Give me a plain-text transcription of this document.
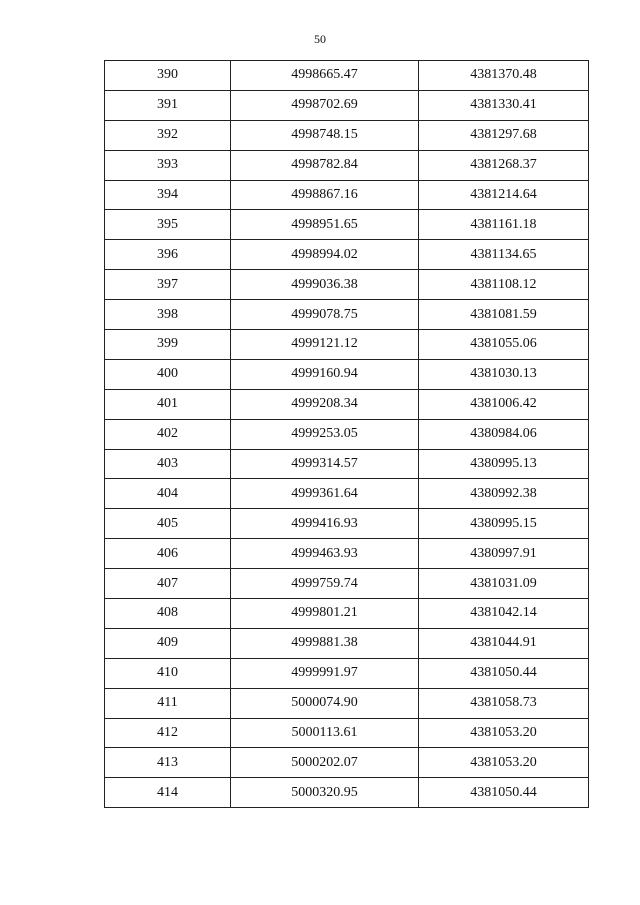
50
390	4998665.47	4381370.48
391	4998702.69	4381330.41
392	4998748.15	4381297.68
393	4998782.84	4381268.37
394	4998867.16	4381214.64
395	4998951.65	4381161.18
396	4998994.02	4381134.65
397	4999036.38	4381108.12
398	4999078.75	4381081.59
399	4999121.12	4381055.06
400	4999160.94	4381030.13
401	4999208.34	4381006.42
402	4999253.05	4380984.06
403	4999314.57	4380995.13
404	4999361.64	4380992.38
405	4999416.93	4380995.15
406	4999463.93	4380997.91
407	4999759.74	4381031.09
408	4999801.21	4381042.14
409	4999881.38	4381044.91
410	4999991.97	4381050.44
411	5000074.90	4381058.73
412	5000113.61	4381053.20
413	5000202.07	4381053.20
414	5000320.95	4381050.44
